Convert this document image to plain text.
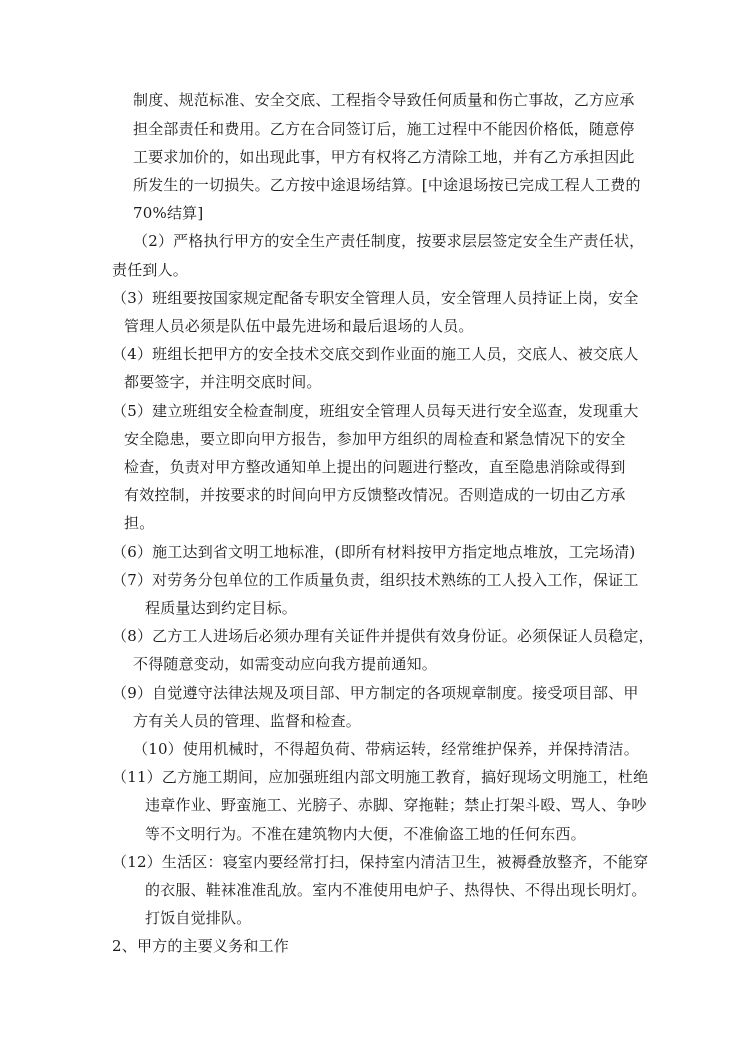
制度、规范标准、安全交底、工程指令导致任何质量和伤亡事故，乙方应承
担全部责任和费用。乙方在合同签订后，施工过程中不能因价格低，随意停
工要求加价的，如出现此事，甲方有权将乙方清除工地，并有乙方承担因此
所发生的一切损失。乙方按中途退场结算。[中途退场按已完成工程人工费的
70%结算]
（2）严格执行甲方的安全生产责任制度，按要求层层签定安全生产责任状，
责任到人。
（3）班组要按国家规定配备专职安全管理人员，安全管理人员持证上岗，安全
管理人员必须是队伍中最先进场和最后退场的人员。
（4）班组长把甲方的安全技术交底交到作业面的施工人员，交底人、被交底人
都要签字，并注明交底时间。
（5）建立班组安全检查制度，班组安全管理人员每天进行安全巡查，发现重大
安全隐患，要立即向甲方报告，参加甲方组织的周检查和紧急情况下的安全
检查，负责对甲方整改通知单上提出的问题进行整改，直至隐患消除或得到
有效控制，并按要求的时间向甲方反馈整改情况。否则造成的一切由乙方承
担。
（6）施工达到省文明工地标准，(即所有材料按甲方指定地点堆放，工完场清)
（7）对劳务分包单位的工作质量负责，组织技术熟练的工人投入工作，保证工
程质量达到约定目标。
（8）乙方工人进场后必须办理有关证件并提供有效身份证。必须保证人员稳定，
不得随意变动，如需变动应向我方提前通知。
（9）自觉遵守法律法规及项目部、甲方制定的各项规章制度。接受项目部、甲
方有关人员的管理、监督和检查。
（10）使用机械时，不得超负荷、带病运转，经常维护保养，并保持清洁。
（11）乙方施工期间，应加强班组内部文明施工教育，搞好现场文明施工，杜绝
违章作业、野蛮施工、光膀子、赤脚、穿拖鞋；禁止打架斗殴、骂人、争吵
等不文明行为。不准在建筑物内大便，不准偷盗工地的任何东西。
（12）生活区：寝室内要经常打扫，保持室内清洁卫生，被褥叠放整齐，不能穿
的衣服、鞋袜准准乱放。室内不准使用电炉子、热得快、不得出现长明灯。
打饭自觉排队。
2、甲方的主要义务和工作
